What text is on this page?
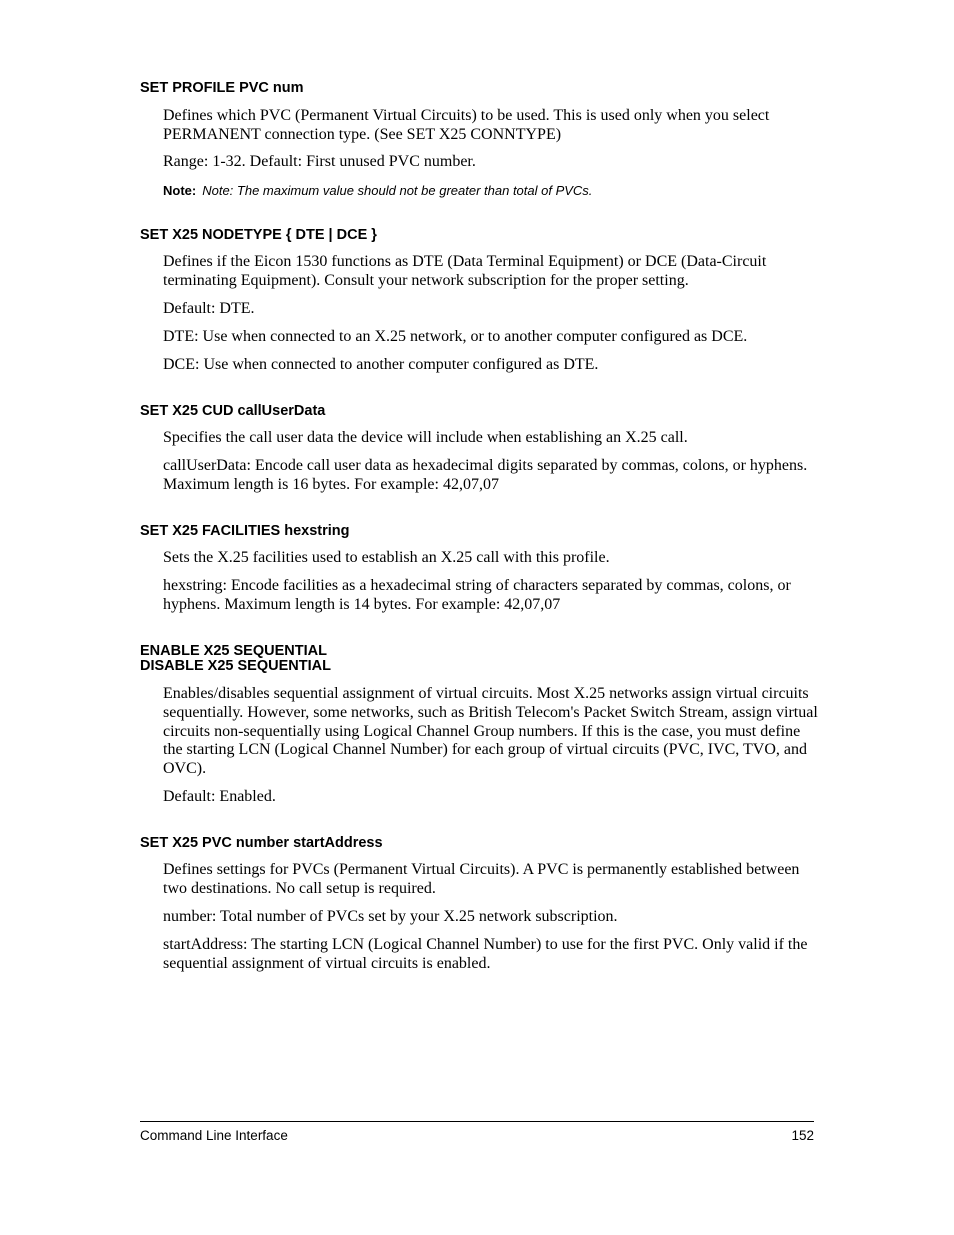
SET PROFILE PVC num

Defines which PVC (Permanent Virtual Circuits) to be used. This is used only when you select PERMANENT connection type. (See SET X25 CONNTYPE)

Range: 1-32. Default: First unused PVC number.

Note: Note: The maximum value should not be greater than total of PVCs.
SET X25 NODETYPE { DTE | DCE }

Defines if the Eicon 1530 functions as DTE (Data Terminal Equipment) or DCE (Data-Circuit terminating Equipment). Consult your network subscription for the proper setting.

Default: DTE.

DTE: Use when connected to an X.25 network, or to another computer configured as DCE.

DCE: Use when connected to another computer configured as DTE.

SET X25 CUD callUserData

Specifies the call user data the device will include when establishing an X.25 call.

callUserData: Encode call user data as hexadecimal digits separated by commas, colons, or hyphens. Maximum length is 16 bytes. For example: 42,07,07

SET X25 FACILITIES hexstring

Sets the X.25 facilities used to establish an X.25 call with this profile.

hexstring: Encode facilities as a hexadecimal string of characters separated by commas, colons, or hyphens. Maximum length is 14 bytes. For example: 42,07,07

ENABLE X25 SEQUENTIAL
DISABLE X25 SEQUENTIAL

Enables/disables sequential assignment of virtual circuits. Most X.25 networks assign virtual circuits sequentially. However, some networks, such as British Telecom's Packet Switch Stream, assign virtual circuits non-sequentially using Logical Channel Group numbers. If this is the case, you must define the starting LCN (Logical Channel Number) for each group of virtual circuits (PVC, IVC, TVO, and OVC).

Default: Enabled.

SET X25 PVC number startAddress

Defines settings for PVCs (Permanent Virtual Circuits). A PVC is permanently established between two destinations. No call setup is required.

number: Total number of PVCs set by your X.25 network subscription.

startAddress: The starting LCN (Logical Channel Number) to use for the first PVC. Only valid if the sequential assignment of virtual circuits is enabled.

Command Line Interface	152
